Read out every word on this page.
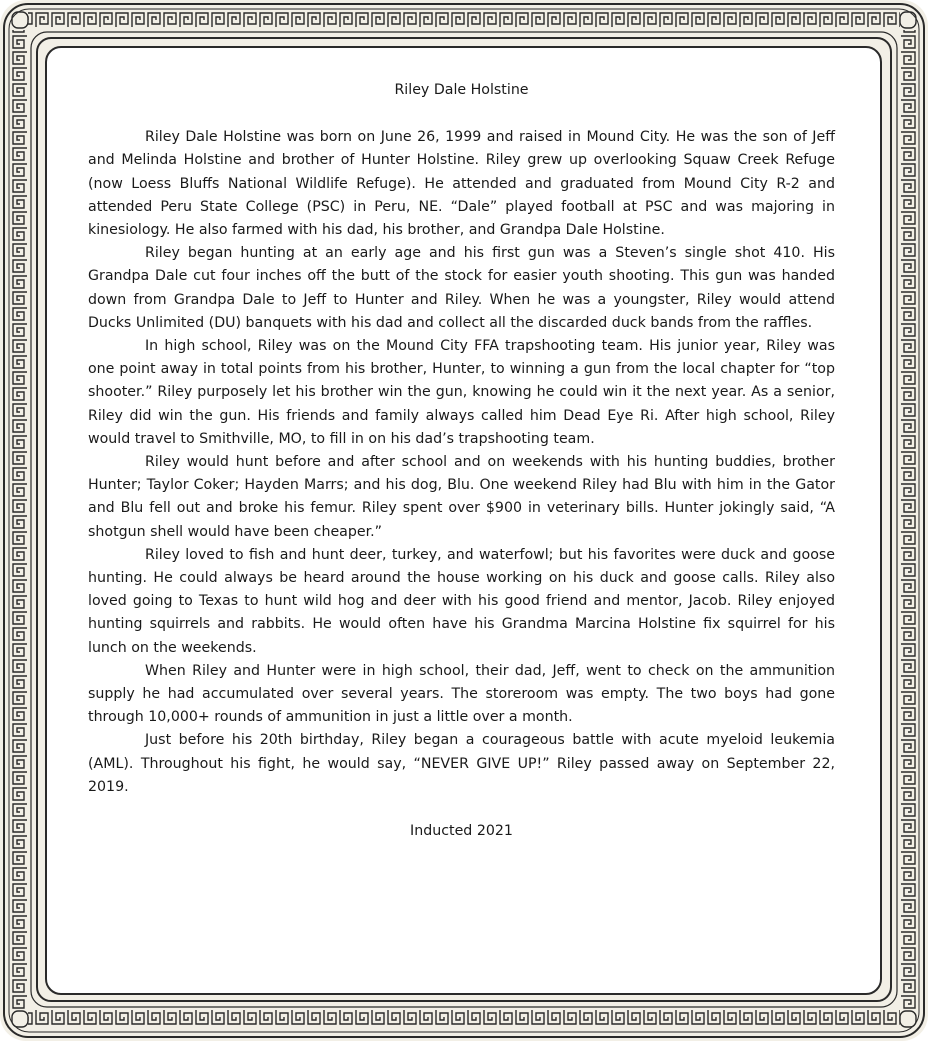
Riley Dale Holstine

Riley Dale Holstine was born on June 26, 1999 and raised in Mound City. He was the son of Jeff and Melinda Holstine and brother of Hunter Holstine. Riley grew up overlooking Squaw Creek Refuge (now Loess Bluffs National Wildlife Refuge). He attended and graduated from Mound City R-2 and attended Peru State College (PSC) in Peru, NE. “Dale” played football at PSC and was majoring in kinesiology. He also farmed with his dad, his brother, and Grandpa Dale Holstine.

Riley began hunting at an early age and his first gun was a Steven’s single shot 410. His Grandpa Dale cut four inches off the butt of the stock for easier youth shooting. This gun was handed down from Grandpa Dale to Jeff to Hunter and Riley. When he was a youngster, Riley would attend Ducks Unlimited (DU) banquets with his dad and collect all the discarded duck bands from the raffles.

In high school, Riley was on the Mound City FFA trapshooting team. His junior year, Riley was one point away in total points from his brother, Hunter, to winning a gun from the local chapter for “top shooter.” Riley purposely let his brother win the gun, knowing he could win it the next year. As a senior, Riley did win the gun. His friends and family always called him Dead Eye Ri. After high school, Riley would travel to Smithville, MO, to fill in on his dad’s trapshooting team.

Riley would hunt before and after school and on weekends with his hunting buddies, brother Hunter; Taylor Coker; Hayden Marrs; and his dog, Blu. One weekend Riley had Blu with him in the Gator and Blu fell out and broke his femur. Riley spent over $900 in veterinary bills. Hunter jokingly said, “A shotgun shell would have been cheaper.”

Riley loved to fish and hunt deer, turkey, and waterfowl; but his favorites were duck and goose hunting. He could always be heard around the house working on his duck and goose calls. Riley also loved going to Texas to hunt wild hog and deer with his good friend and mentor, Jacob. Riley enjoyed hunting squirrels and rabbits. He would often have his Grandma Marcina Holstine fix squirrel for his lunch on the weekends.

When Riley and Hunter were in high school, their dad, Jeff, went to check on the ammunition supply he had accumulated over several years. The storeroom was empty. The two boys had gone through 10,000+ rounds of ammunition in just a little over a month.

Just before his 20th birthday, Riley began a courageous battle with acute myeloid leukemia (AML). Throughout his fight, he would say, “NEVER GIVE UP!” Riley passed away on September 22, 2019.

Inducted 2021
